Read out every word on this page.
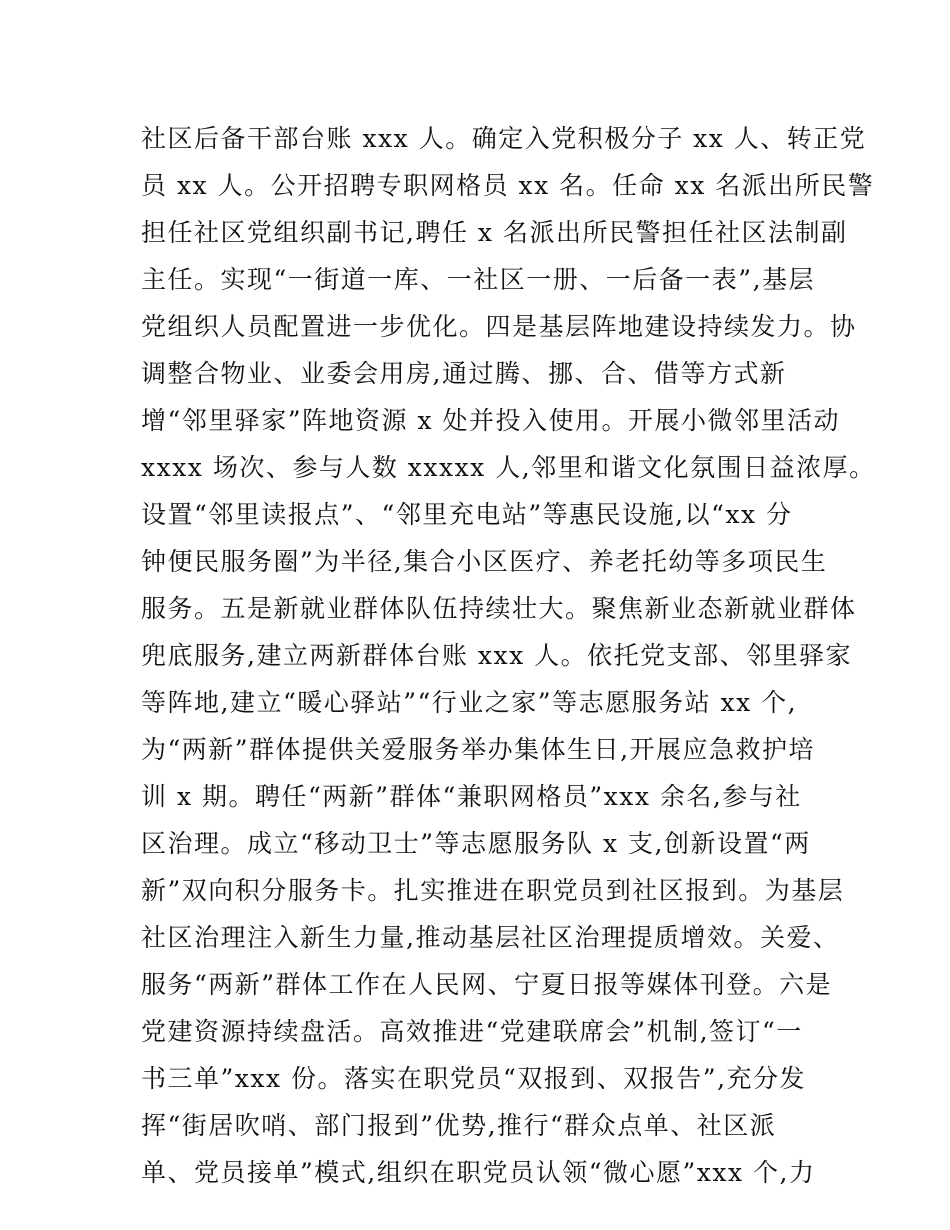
社区后备干部台账 xxx 人。确定入党积极分子 xx 人、转正党
员 xx 人。公开招聘专职网格员 xx 名。任命 xx 名派出所民警
担任社区党组织副书记,聘任 x 名派出所民警担任社区法制副
主任。实现“一街道一库、一社区一册、一后备一表”,基层
党组织人员配置进一步优化。四是基层阵地建设持续发力。协
调整合物业、业委会用房,通过腾、挪、合、借等方式新
增“邻里驿家”阵地资源 x 处并投入使用。开展小微邻里活动
xxxx 场次、参与人数 xxxxx 人,邻里和谐文化氛围日益浓厚。
设置“邻里读报点”、“邻里充电站”等惠民设施,以“xx 分
钟便民服务圈”为半径,集合小区医疗、养老托幼等多项民生
服务。五是新就业群体队伍持续壮大。聚焦新业态新就业群体
兜底服务,建立两新群体台账 xxx 人。依托党支部、邻里驿家
等阵地,建立“暖心驿站”“行业之家”等志愿服务站 xx 个,
为“两新”群体提供关爱服务举办集体生日,开展应急救护培
训 x 期。聘任“两新”群体“兼职网格员”xxx 余名,参与社
区治理。成立“移动卫士”等志愿服务队 x 支,创新设置“两
新”双向积分服务卡。扎实推进在职党员到社区报到。为基层
社区治理注入新生力量,推动基层社区治理提质增效。关爱、
服务“两新”群体工作在人民网、宁夏日报等媒体刊登。六是
党建资源持续盘活。高效推进“党建联席会”机制,签订“一
书三单”xxx 份。落实在职党员“双报到、双报告”,充分发
挥“街居吹哨、部门报到”优势,推行“群众点单、社区派
单、党员接单”模式,组织在职党员认领“微心愿”xxx 个,力
